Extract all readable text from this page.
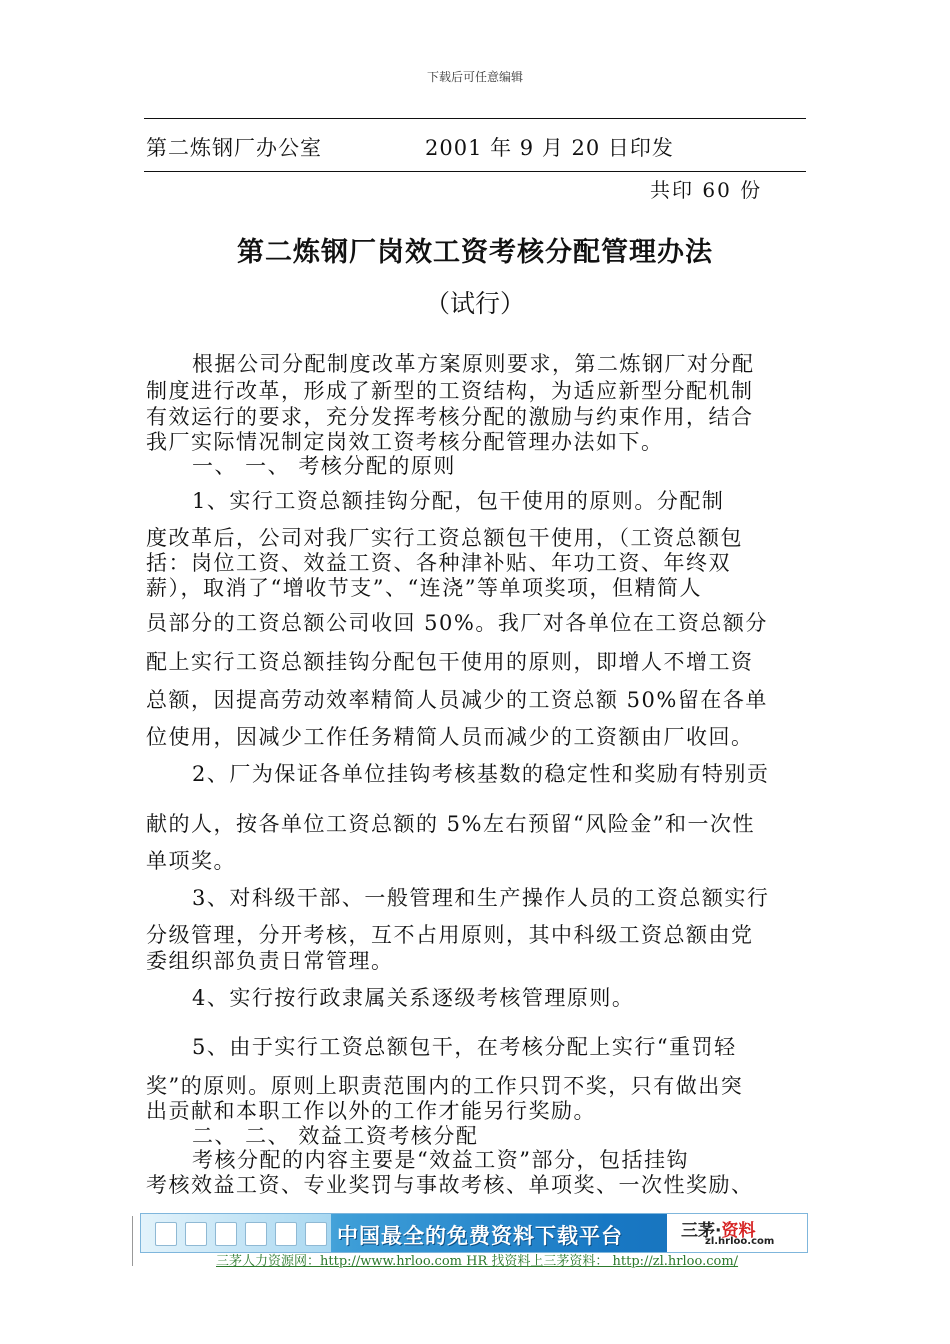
下载后可任意编辑
第二炼钢厂办公室	2001 年 9 月 20 日印发
共印 60 份
第二炼钢厂岗效工资考核分配管理办法
（试行）
根据公司分配制度改革方案原则要求，第二炼钢厂对分配
制度进行改革，形成了新型的工资结构，为适应新型分配机制
有效运行的要求，充分发挥考核分配的激励与约束作用，结合
我厂实际情况制定岗效工资考核分配管理办法如下。
一、 一、 考核分配的原则
1、实行工资总额挂钩分配，包干使用的原则。分配制
度改革后，公司对我厂实行工资总额包干使用，（工资总额包
括：岗位工资、效益工资、各种津补贴、年功工资、年终双
薪），取消了“增收节支”、“连浇”等单项奖项，但精简人
员部分的工资总额公司收回 50%。我厂对各单位在工资总额分
配上实行工资总额挂钩分配包干使用的原则，即增人不增工资
总额，因提高劳动效率精简人员减少的工资总额 50%留在各单
位使用，因减少工作任务精简人员而减少的工资额由厂收回。
2、厂为保证各单位挂钩考核基数的稳定性和奖励有特别贡
献的人，按各单位工资总额的 5%左右预留“风险金”和一次性
单项奖。
3、对科级干部、一般管理和生产操作人员的工资总额实行
分级管理，分开考核，互不占用原则，其中科级工资总额由党
委组织部负责日常管理。
4、实行按行政隶属关系逐级考核管理原则。
5、由于实行工资总额包干，在考核分配上实行“重罚轻
奖”的原则。原则上职责范围内的工作只罚不奖，只有做出突
出贡献和本职工作以外的工作才能另行奖励。
二、 二、 效益工资考核分配
考核分配的内容主要是“效益工资”部分，包括挂钩
考核效益工资、专业奖罚与事故考核、单项奖、一次性奖励、
中国最全的免费资料下载平台	三茅·资料
zl.hrloo.com
三茅人力资源网：http://www.hrloo.com HR 找资料上三茅资料： http://zl.hrloo.com/
